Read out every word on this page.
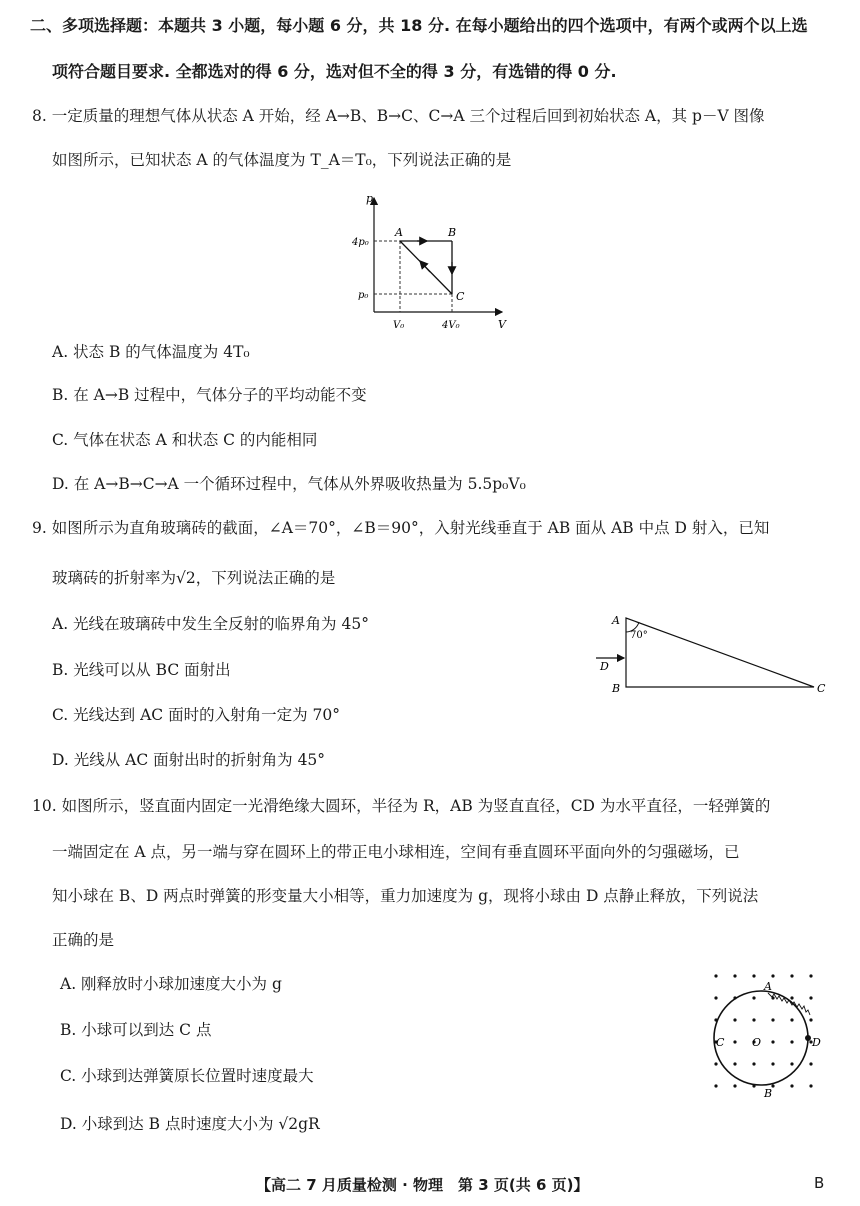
二、多项选择题：本题共 3 小题，每小题 6 分，共 18 分. 在每小题给出的四个选项中，有两个或两个以上选
项符合题目要求. 全都选对的得 6 分，选对但不全的得 3 分，有选错的得 0 分.
8. 一定质量的理想气体从状态 A 开始，经 A→B、B→C、C→A 三个过程后回到初始状态 A，其 p－V 图像
如图所示，已知状态 A 的气体温度为 T_A＝T₀，下列说法正确的是
p
V
4p₀
p₀
V₀	4V₀
A	B
C
A. 状态 B 的气体温度为 4T₀
B. 在 A→B 过程中，气体分子的平均动能不变
C. 气体在状态 A 和状态 C 的内能相同
D. 在 A→B→C→A 一个循环过程中，气体从外界吸收热量为 5.5p₀V₀
9. 如图所示为直角玻璃砖的截面，∠A＝70°，∠B＝90°，入射光线垂直于 AB 面从 AB 中点 D 射入，已知
玻璃砖的折射率为√2，下列说法正确的是
A
B	C
D
70°
A. 光线在玻璃砖中发生全反射的临界角为 45°
B. 光线可以从 BC 面射出
C. 光线达到 AC 面时的入射角一定为 70°
D. 光线从 AC 面射出时的折射角为 45°
10. 如图所示，竖直面内固定一光滑绝缘大圆环，半径为 R，AB 为竖直直径，CD 为水平直径，一轻弹簧的
一端固定在 A 点，另一端与穿在圆环上的带正电小球相连，空间有垂直圆环平面向外的匀强磁场，已
知小球在 B、D 两点时弹簧的形变量大小相等，重力加速度为 g，现将小球由 D 点静止释放，下列说法
正确的是
A
B
C	D
O
A. 刚释放时小球加速度大小为 g
B. 小球可以到达 C 点
C. 小球到达弹簧原长位置时速度最大
D. 小球到达 B 点时速度大小为 √2gR
【高二 7 月质量检测 · 物理　第 3 页(共 6 页)】	B
